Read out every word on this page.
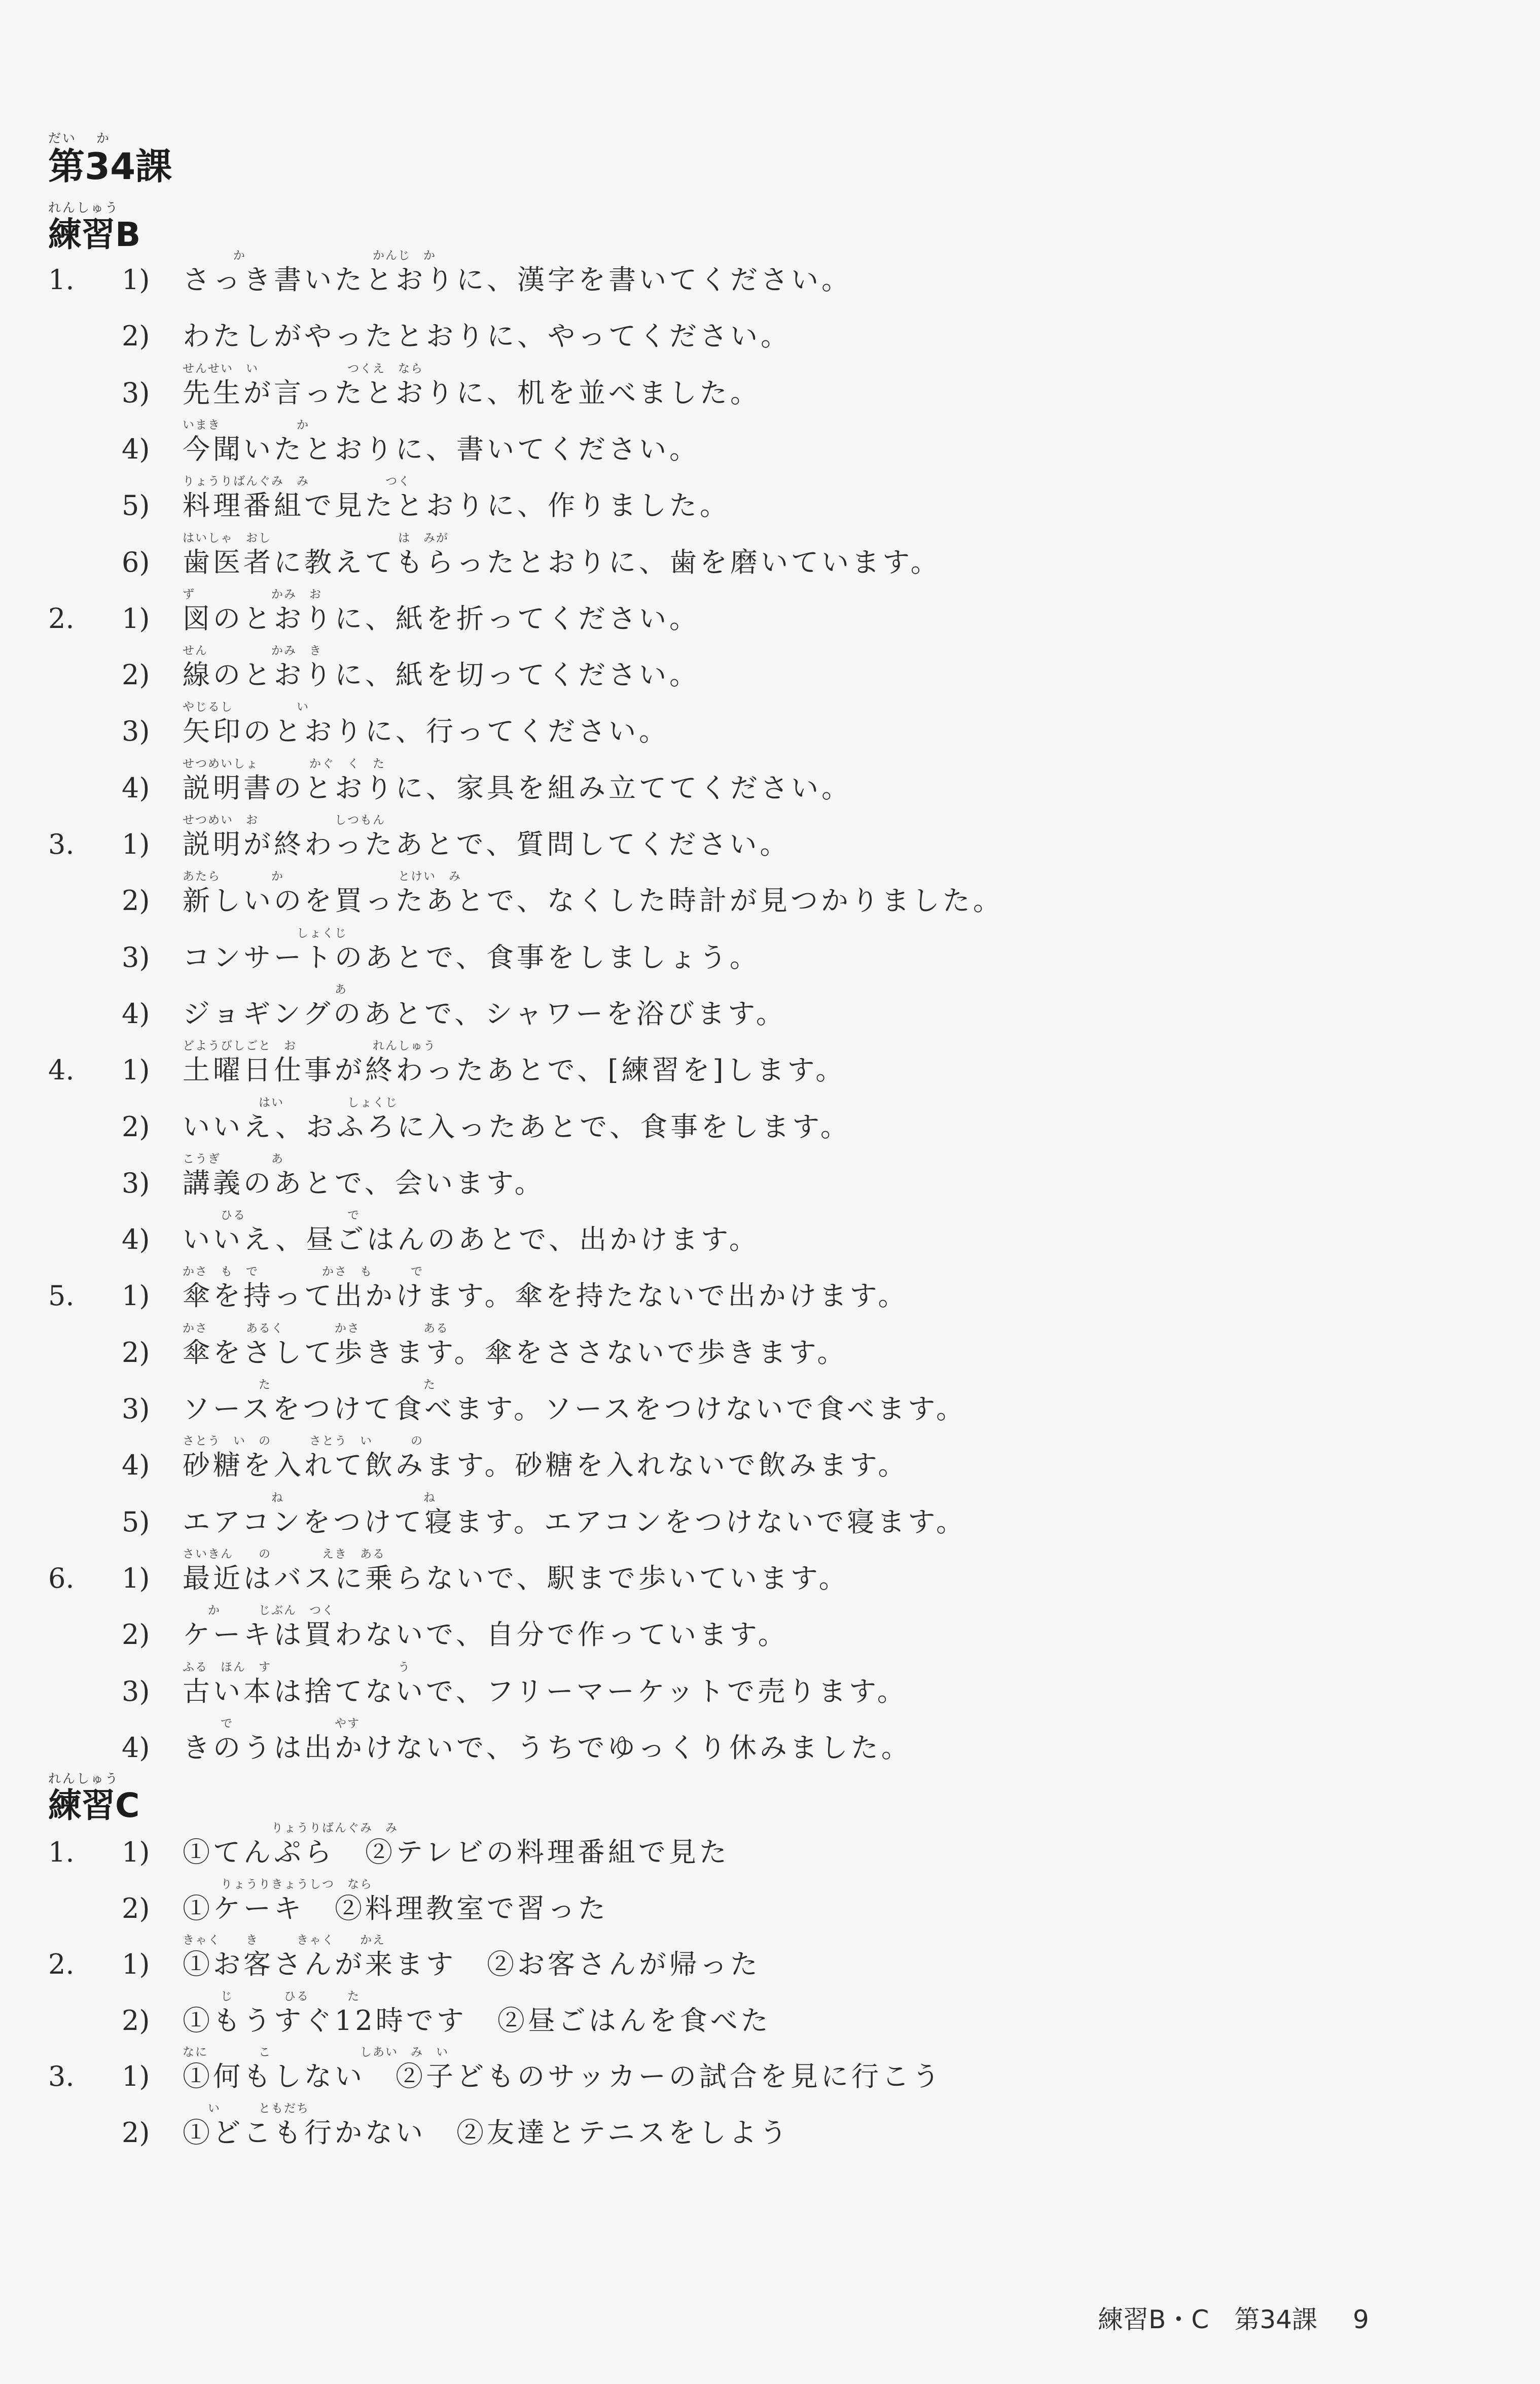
だい　 か
第34課
れんしゅう
練習B
1.	1)
　　　　か　　　　　　　　　　かんじ　か
さっき書いたとおりに、漢字を書いてください。
2)	わたしがやったとおりに、やってください。
3)
せんせい　い　　　　　　　つくえ　なら
先生が言ったとおりに、机を並べました。
4)
いまき　　　　　　か
今聞いたとおりに、書いてください。
5)
りょうりばんぐみ　み　　　　　　つく
料理番組で見たとおりに、作りました。
6)
はいしゃ　おし　　　　　　　　　　は　みが
歯医者に教えてもらったとおりに、歯を磨いています。
2.	1)
ず　　　　　　かみ　お
図のとおりに、紙を折ってください。
2)
せん　　　　　かみ　き
線のとおりに、紙を切ってください。
3)
やじるし　　　　　い
矢印のとおりに、行ってください。
4)
せつめいしょ　　　　かぐ　く　た
説明書のとおりに、家具を組み立ててください。
3.	1)
せつめい　お　　　　　　しつもん
説明が終わったあとで、質問してください。
2)
あたら　　　　か　　　　　　　　　とけい　み
新しいのを買ったあとで、なくした時計が見つかりました。
3)
　　　　　　　　　しょくじ
コンサートのあとで、食事をしましょう。
4)
　　　　　　　　　　　　あ
ジョギングのあとで、シャワーを浴びます。
4.	1)
どようびしごと　お　　　　　　れんしゅう
土曜日仕事が終わったあとで、[練習を]します。
2)
　　　　　　はい　　　　　しょくじ
いいえ、おふろに入ったあとで、食事をします。
3)
こうぎ　　　　あ
講義のあとで、会います。
4)
　　　ひる　　　　　　　　で
いいえ、昼ごはんのあとで、出かけます。
5.	1)
かさ　も　で　　　　　かさ　も　　　で
傘を持って出かけます。傘を持たないで出かけます。
2)
かさ　　　あるく　　　　かさ　　　　　ある
傘をさして歩きます。傘をささないで歩きます。
3)
　　　　　　た　　　　　　　　　　　　た
ソースをつけて食べます。ソースをつけないで食べます。
4)
さとう　い　の　　　さとう　い　　　の
砂糖を入れて飲みます。砂糖を入れないで飲みます。
5)
　　　　　　　ね　　　　　　　　　　　ね
エアコンをつけて寝ます。エアコンをつけないで寝ます。
6.	1)
さいきん　　の　　　　えき　ある
最近はバスに乗らないで、駅まで歩いています。
2)
　　か　　　じぶん　つく
ケーキは買わないで、自分で作っています。
3)
ふる　ほん　す　　　　　　　　　　う
古い本は捨てないで、フリーマーケットで売ります。
4)
　　　で　　　　　　　　やす
きのうは出かけないで、うちでゆっくり休みました。
れんしゅう
練習C
1.	1)
　　　　　　　りょうりばんぐみ　み
①てんぷら　②テレビの料理番組で見た
2)
　　　りょうりきょうしつ　なら
①ケーキ　②料理教室で習った
2.	1)
きゃく　　き　　　きゃく　　かえ
①お客さんが来ます　②お客さんが帰った
2)
　　　じ　　　　ひる　　　た
①もうすぐ12時です　②昼ごはんを食べた
3.	1)
なに　　　　こ　　　　　　　しあい　み　い
①何もしない　②子どものサッカーの試合を見に行こう
2)
　　い　　　ともだち
①どこも行かない　②友達とテニスをしよう
練習B・C　第34課 9
